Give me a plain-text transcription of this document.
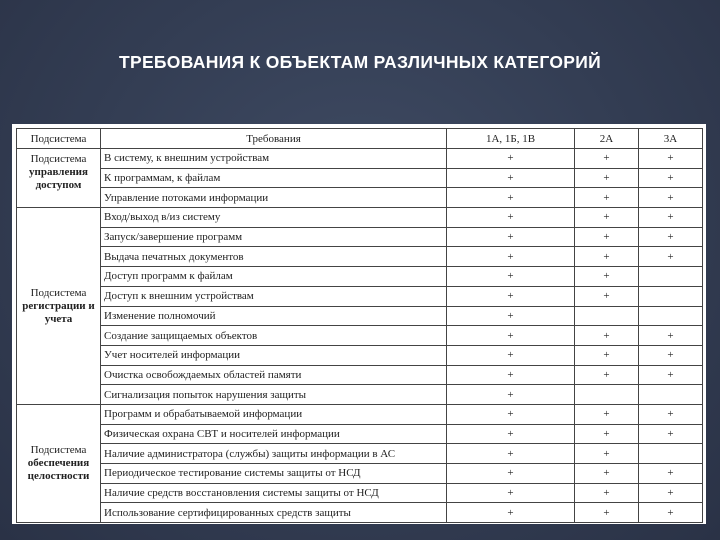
ТРЕБОВАНИЯ К ОБЪЕКТАМ РАЗЛИЧНЫХ КАТЕГОРИЙ
Подсистема	Требования	1А, 1Б, 1В	2А	3А

Подсистема
управления доступом	В систему, к внешним устройствам	+	+	+
	К программам, к файлам	+	+	+
	Управление потоками информации	+	+	+

Подсистема
регистрации и учета	Вход/выход в/из систему	+	+	+
	Запуск/завершение программ	+	+	+
	Выдача печатных документов	+	+	+
	Доступ программ к файлам	+	+	
	Доступ к внешним устройствам	+	+	
	Изменение полномочий	+		
	Создание защищаемых объектов	+	+	+
	Учет носителей информации	+	+	+
	Очистка освобождаемых областей памяти	+	+	+
	Сигнализация попыток нарушения защиты	+		

Подсистема
обеспечения целостности	Программ и обрабатываемой информации	+	+	+
	Физическая охрана СВТ и носителей информации	+	+	+
	Наличие администратора (службы) защиты информации в АС	+	+	
	Периодическое тестирование системы защиты от НСД	+	+	+
	Наличие средств восстановления системы защиты от НСД	+	+	+
	Использование сертифицированных средств защиты	+	+	+
